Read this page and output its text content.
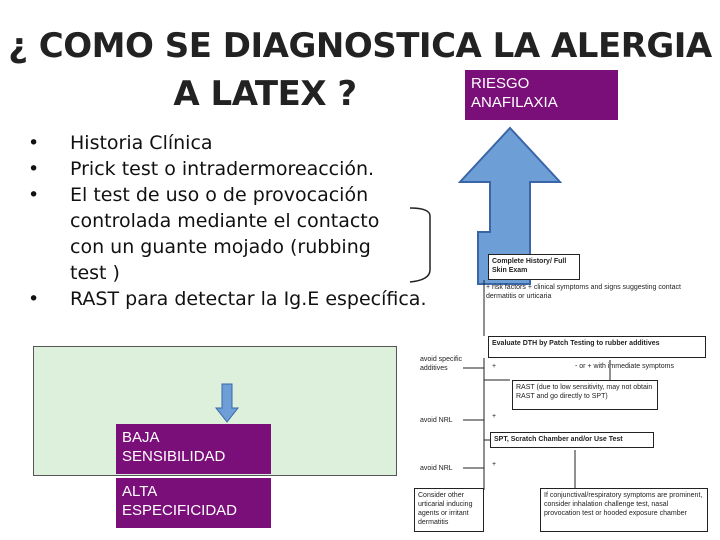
¿ COMO SE DIAGNOSTICA LA ALERGIA
A LATEX ?	RIESGO ANAFILAXIA
• Historia Clínica
• Prick test o intradermoreacción.
• El test de uso o de provocación controlada mediante el contacto con un guante mojado (rubbing test )
• RAST para detectar la Ig.E específica.
BAJA SENSIBILIDAD
ALTA ESPECIFICIDAD
Complete History/ Full Skin Exam
+ risk factors + clinical symptoms and signs suggesting contact dermatitis or urticaria
Evaluate DTH by Patch Testing to rubber additives
avoid specific additives	+	- or + with immediate symptoms
RAST (due to low sensitivity, may not obtain RAST and go directly to SPT)
avoid NRL
+
SPT, Scratch Chamber and/or Use Test
avoid NRL
+
Consider other urticarial inducing agents or irritant dermatitis
If conjunctival/respiratory symptoms are prominent, consider inhalation challenge test, nasal provocation test or hooded exposure chamber
